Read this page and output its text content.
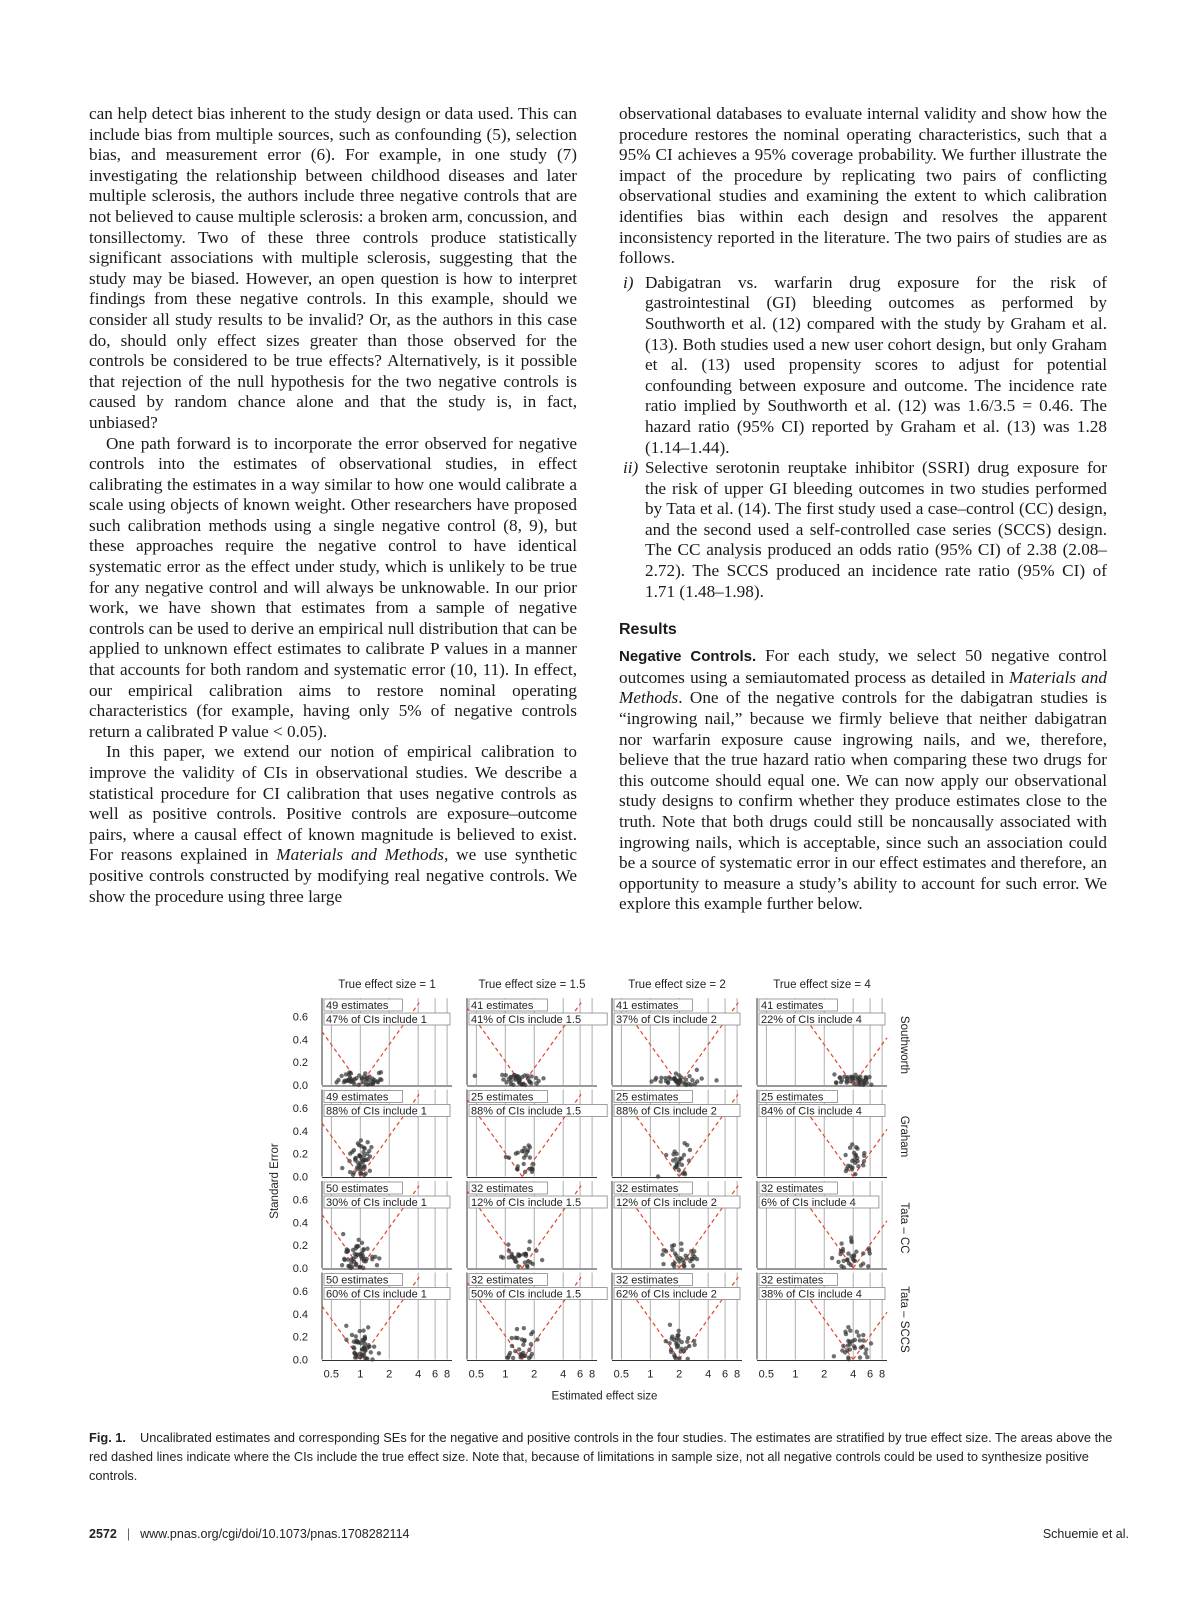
can help detect bias inherent to the study design or data used. This can include bias from multiple sources, such as confounding (5), selection bias, and measurement error (6). For example, in one study (7) investigating the relationship between childhood diseases and later multiple sclerosis, the authors include three negative controls that are not believed to cause multiple sclerosis: a broken arm, concussion, and tonsillectomy. Two of these three controls produce statistically significant associations with multiple sclerosis, suggesting that the study may be biased. However, an open question is how to interpret findings from these negative controls. In this example, should we consider all study results to be invalid? Or, as the authors in this case do, should only effect sizes greater than those observed for the controls be considered to be true effects? Alternatively, is it possible that rejection of the null hypothesis for the two negative controls is caused by random chance alone and that the study is, in fact, unbiased?

One path forward is to incorporate the error observed for negative controls into the estimates of observational studies, in effect calibrating the estimates in a way similar to how one would calibrate a scale using objects of known weight. Other researchers have proposed such calibration methods using a single negative control (8, 9), but these approaches require the negative control to have identical systematic error as the effect under study, which is unlikely to be true for any negative control and will always be unknowable. In our prior work, we have shown that estimates from a sample of negative controls can be used to derive an empirical null distribution that can be applied to unknown effect estimates to calibrate P values in a manner that accounts for both random and systematic error (10, 11). In effect, our empirical calibration aims to restore nominal operating characteristics (for example, having only 5% of negative controls return a calibrated P value < 0.05).

In this paper, we extend our notion of empirical calibration to improve the validity of CIs in observational studies. We describe a statistical procedure for CI calibration that uses negative controls as well as positive controls. Positive controls are exposure–outcome pairs, where a causal effect of known magnitude is believed to exist. For reasons explained in Materials and Methods, we use synthetic positive controls constructed by modifying real negative controls. We show the procedure using three large

observational databases to evaluate internal validity and show how the procedure restores the nominal operating characteristics, such that a 95% CI achieves a 95% coverage probability. We further illustrate the impact of the procedure by replicating two pairs of conflicting observational studies and examining the extent to which calibration identifies bias within each design and resolves the apparent inconsistency reported in the literature. The two pairs of studies are as follows.

i) Dabigatran vs. warfarin drug exposure for the risk of gastrointestinal (GI) bleeding outcomes as performed by Southworth et al. (12) compared with the study by Graham et al. (13). Both studies used a new user cohort design, but only Graham et al. (13) used propensity scores to adjust for potential confounding between exposure and outcome. The incidence rate ratio implied by Southworth et al. (12) was 1.6/3.5 = 0.46. The hazard ratio (95% CI) reported by Graham et al. (13) was 1.28 (1.14–1.44).
ii) Selective serotonin reuptake inhibitor (SSRI) drug exposure for the risk of upper GI bleeding outcomes in two studies performed by Tata et al. (14). The first study used a case–control (CC) design, and the second used a self-controlled case series (SCCS) design. The CC analysis produced an odds ratio (95% CI) of 2.38 (2.08–2.72). The SCCS produced an incidence rate ratio (95% CI) of 1.71 (1.48–1.98).
Results

Negative Controls. For each study, we select 50 negative control outcomes using a semiautomated process as detailed in Materials and Methods. One of the negative controls for the dabigatran studies is “ingrowing nail,” because we firmly believe that neither dabigatran nor warfarin exposure cause ingrowing nails, and we, therefore, believe that the true hazard ratio when comparing these two drugs for this outcome should equal one. We can now apply our observational study designs to confirm whether they produce estimates close to the truth. Note that both drugs could still be noncausally associated with ingrowing nails, which is acceptable, since such an association could be a source of systematic error in our effect estimates and therefore, an opportunity to measure a study’s ability to account for such error. We explore this example further below.

True effect size = 1	True effect size = 1.5	True effect size = 2	True effect size = 4
Southworth
0.0
0.2
0.4
0.6
49 estimates
47% of CIs include 1
41 estimates
41% of CIs include 1.5
41 estimates
37% of CIs include 2
41 estimates
22% of CIs include 4
Graham
0.0
0.2
0.4
0.6
49 estimates
88% of CIs include 1
25 estimates
88% of CIs include 1.5
25 estimates
88% of CIs include 2
25 estimates
84% of CIs include 4
Tata – CC
0.0
0.2
0.4
0.6
50 estimates
30% of CIs include 1
32 estimates
12% of CIs include 1.5
32 estimates
12% of CIs include 2
32 estimates
6% of CIs include 4
Tata – SCCS
0.0
0.2
0.4
0.6
50 estimates
60% of CIs include 1
0.5 1 2 4 6 8
32 estimates
50% of CIs include 1.5
0.5 1 2 4 6 8
32 estimates
62% of CIs include 2
0.5 1 2 4 6 8
32 estimates
38% of CIs include 4
0.5 1 2 4 6 8
Estimated effect size
Standard Error
Fig. 1. Uncalibrated estimates and corresponding SEs for the negative and positive controls in the four studies. The estimates are stratified by true effect size. The areas above the red dashed lines indicate where the CIs include the true effect size. Note that, because of limitations in sample size, not all negative controls could be used to synthesize positive controls.
2572 | www.pnas.org/cgi/doi/10.1073/pnas.1708282114	Schuemie et al.
